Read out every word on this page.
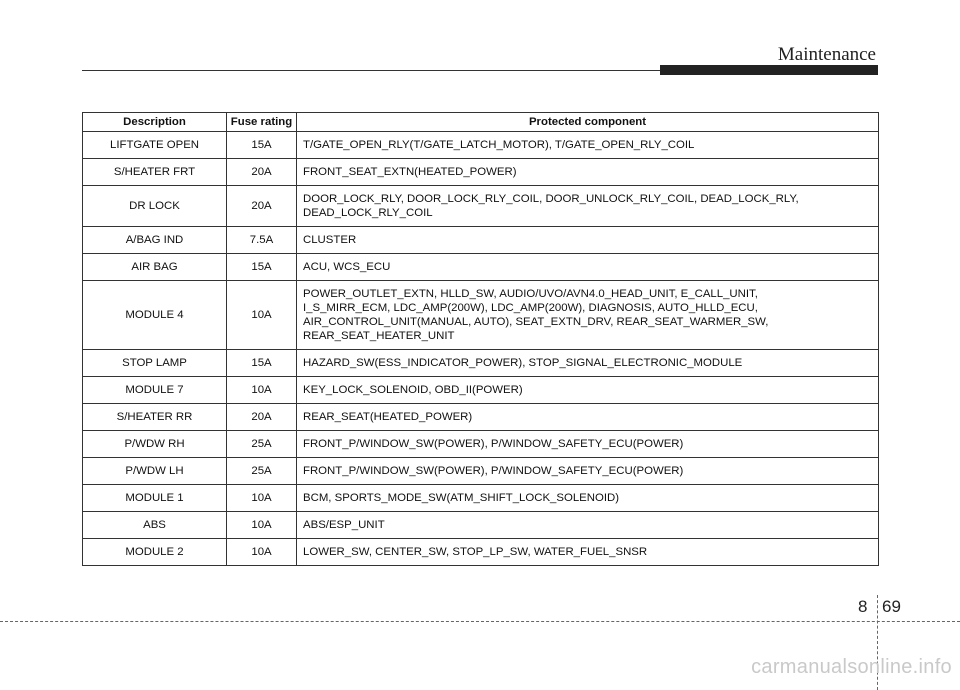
Maintenance
Description	Fuse rating	Protected component
LIFTGATE OPEN	15A	T/GATE_OPEN_RLY(T/GATE_LATCH_MOTOR), T/GATE_OPEN_RLY_COIL

S/HEATER FRT	20A	FRONT_SEAT_EXTN(HEATED_POWER)

DR LOCK	20A	DOOR_LOCK_RLY, DOOR_LOCK_RLY_COIL, DOOR_UNLOCK_RLY_COIL, DEAD_LOCK_RLY,
DEAD_LOCK_RLY_COIL

A/BAG IND	7.5A	CLUSTER

AIR BAG	15A	ACU, WCS_ECU

MODULE 4	10A	POWER_OUTLET_EXTN, HLLD_SW, AUDIO/UVO/AVN4.0_HEAD_UNIT, E_CALL_UNIT,
I_S_MIRR_ECM, LDC_AMP(200W), LDC_AMP(200W), DIAGNOSIS, AUTO_HLLD_ECU,
AIR_CONTROL_UNIT(MANUAL, AUTO), SEAT_EXTN_DRV, REAR_SEAT_WARMER_SW,
REAR_SEAT_HEATER_UNIT

STOP LAMP	15A	HAZARD_SW(ESS_INDICATOR_POWER), STOP_SIGNAL_ELECTRONIC_MODULE

MODULE 7	10A	KEY_LOCK_SOLENOID, OBD_II(POWER)

S/HEATER RR	20A	REAR_SEAT(HEATED_POWER)

P/WDW RH	25A	FRONT_P/WINDOW_SW(POWER), P/WINDOW_SAFETY_ECU(POWER)

P/WDW LH	25A	FRONT_P/WINDOW_SW(POWER), P/WINDOW_SAFETY_ECU(POWER)

MODULE 1	10A	BCM, SPORTS_MODE_SW(ATM_SHIFT_LOCK_SOLENOID)

ABS	10A	ABS/ESP_UNIT

MODULE 2	10A	LOWER_SW, CENTER_SW, STOP_LP_SW, WATER_FUEL_SNSR
8 69
carmanualsonline.info
